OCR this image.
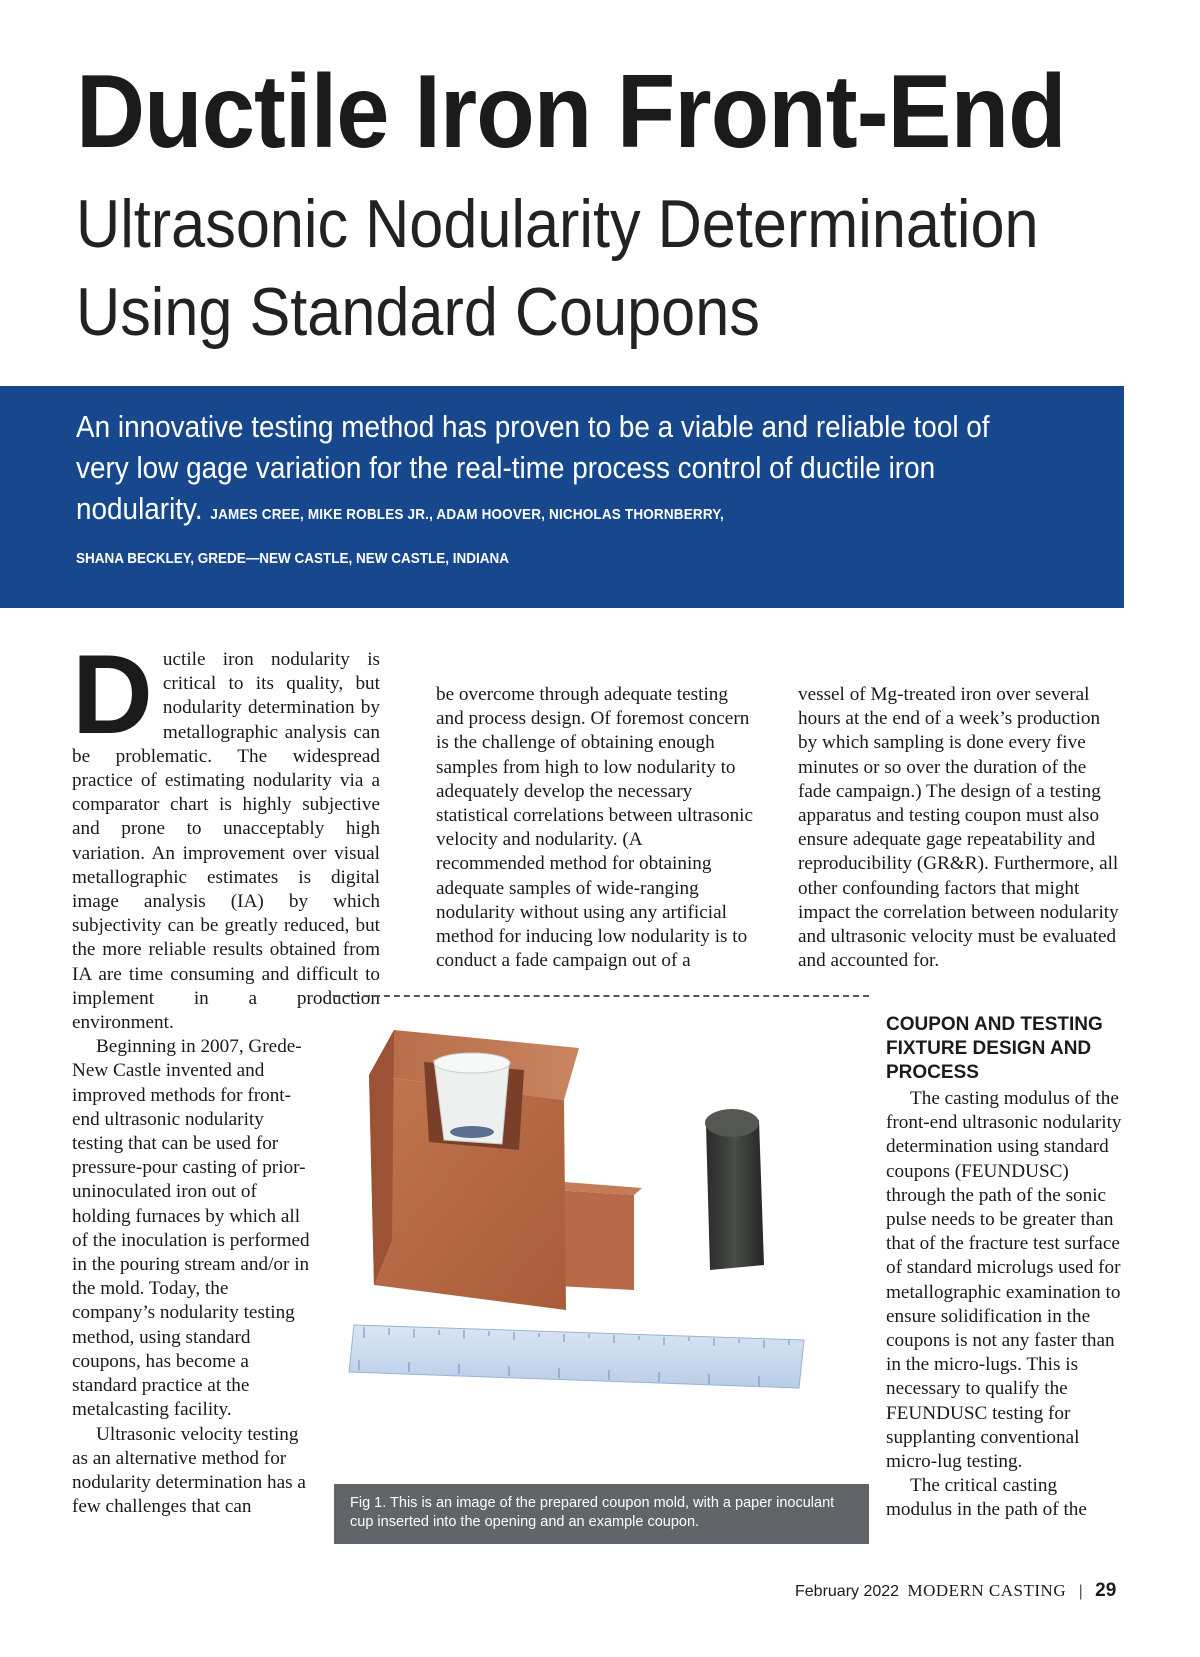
Ductile Iron Front-End
Ultrasonic Nodularity Determination
Using Standard Coupons

An innovative testing method has proven to be a viable and reliable tool of very low gage variation for the real-time process control of ductile iron nodularity. JAMES CREE, MIKE ROBLES JR., ADAM HOOVER, NICHOLAS THORNBERRY,
SHANA BECKLEY, GREDE—NEW CASTLE, NEW CASTLE, INDIANA

D uctile iron nodularity is critical to its quality, but nodularity determination by metallographic analysis can be problematic. The widespread practice of estimating nodularity via a comparator chart is highly subjective and prone to unacceptably high variation. An improvement over visual metallographic estimates is digital image analysis (IA) by which subjectivity can be greatly reduced, but the more reliable results obtained from IA are time consuming and difficult to implement in a production environment.

Beginning in 2007, Grede-New Castle invented and improved methods for front-end ultrasonic nodularity testing that can be used for pressure-pour casting of prior-uninoculated iron out of holding furnaces by which all of the inoculation is performed in the pouring stream and/or in the mold. Today, the company’s nodularity testing method, using standard coupons, has become a standard practice at the metalcasting facility.

Ultrasonic velocity testing as an alternative method for nodularity determination has a few challenges that can

be overcome through adequate testing and process design. Of foremost concern is the challenge of obtaining enough samples from high to low nodularity to adequately develop the necessary statistical correlations between ultrasonic velocity and nodularity. (A recommended method for obtaining adequate samples of wide-ranging nodularity without using any artificial method for inducing low nodularity is to conduct a fade campaign out of a

vessel of Mg-treated iron over several hours at the end of a week’s production by which sampling is done every five minutes or so over the duration of the fade campaign.) The design of a testing apparatus and testing coupon must also ensure adequate gage repeatability and reproducibility (GR&R). Furthermore, all other confounding factors that might impact the correlation between nodularity and ultrasonic velocity must be evaluated and accounted for.

COUPON AND TESTING FIXTURE DESIGN AND PROCESS

The casting modulus of the front-end ultrasonic nodularity determination using standard coupons (FEUNDUSC) through the path of the sonic pulse needs to be greater than that of the fracture test surface of standard microlugs used for metallographic examination to ensure solidification in the coupons is not any faster than in the micro-lugs. This is necessary to qualify the FEUNDUSC testing for supplanting conventional micro-lug testing.

The critical casting modulus in the path of the

Fig 1. This is an image of the prepared coupon mold, with a paper inoculant cup inserted into the opening and an example coupon.
February 2022 MODERN CASTING | 29
